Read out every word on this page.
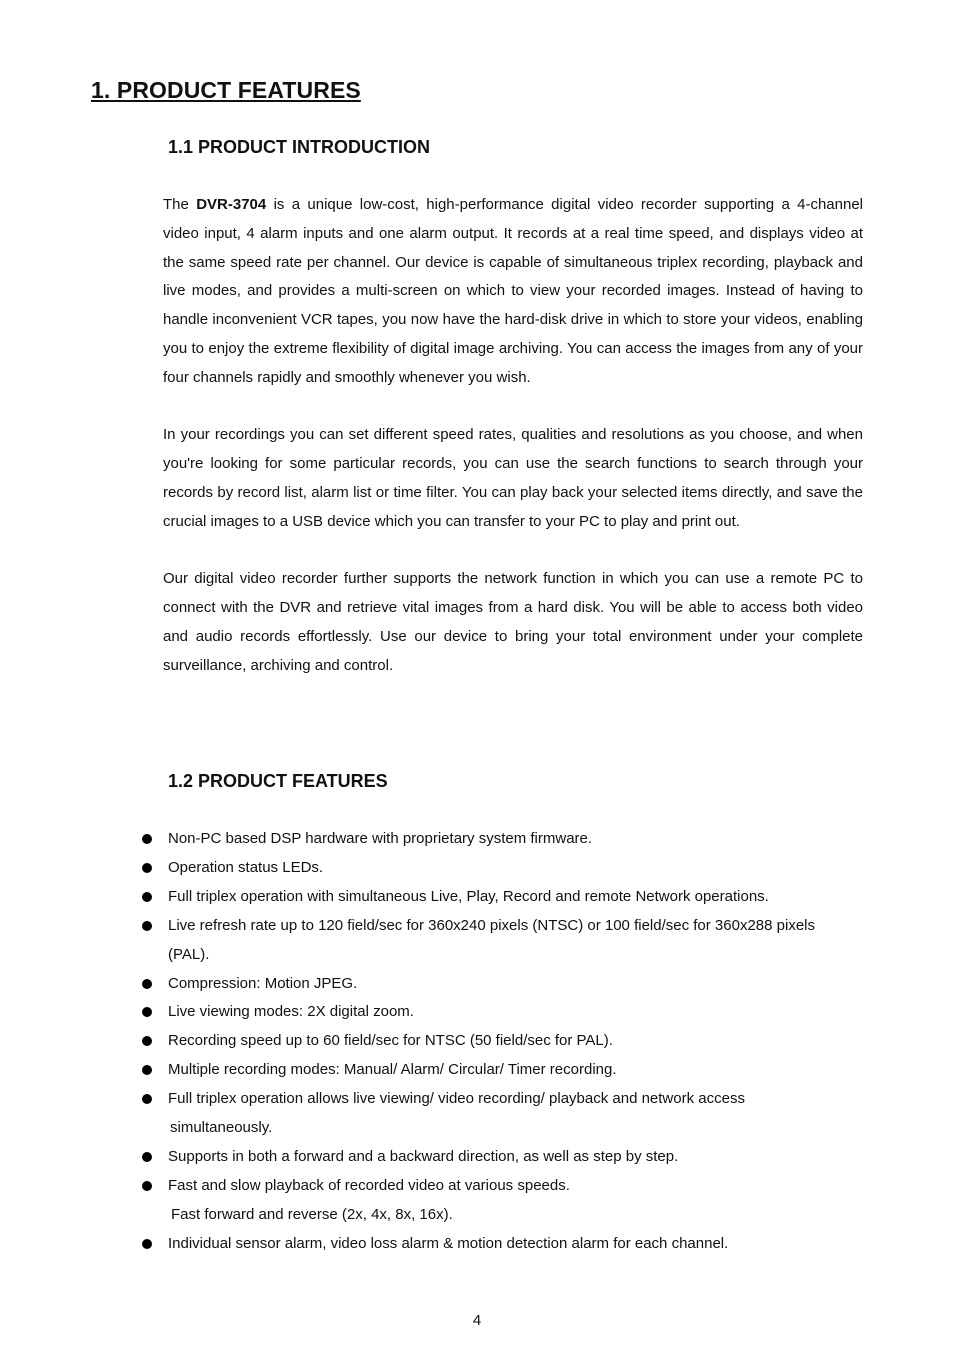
1. PRODUCT FEATURES
1.1 PRODUCT INTRODUCTION

The DVR-3704 is a unique low-cost, high-performance digital video recorder supporting a 4-channel video input, 4 alarm inputs and one alarm output. It records at a real time speed, and displays video at the same speed rate per channel. Our device is capable of simultaneous triplex recording, playback and live modes, and provides a multi-screen on which to view your recorded images. Instead of having to handle inconvenient VCR tapes, you now have the hard-disk drive in which to store your videos, enabling you to enjoy the extreme flexibility of digital image archiving. You can access the images from any of your four channels rapidly and smoothly whenever you wish.

In your recordings you can set different speed rates, qualities and resolutions as you choose, and when you're looking for some particular records, you can use the search functions to search through your records by record list, alarm list or time filter. You can play back your selected items directly, and save the crucial images to a USB device which you can transfer to your PC to play and print out.

Our digital video recorder further supports the network function in which you can use a remote PC to connect with the DVR and retrieve vital images from a hard disk. You will be able to access both video and audio records effortlessly. Use our device to bring your total environment under your complete surveillance, archiving and control.

1.2 PRODUCT FEATURES
Non-PC based DSP hardware with proprietary system firmware.
Operation status LEDs.
Full triplex operation with simultaneous Live, Play, Record and remote Network operations.
Live refresh rate up to 120 field/sec for 360x240 pixels (NTSC) or 100 field/sec for 360x288 pixels
(PAL).
Compression: Motion JPEG.
Live viewing modes: 2X digital zoom.
Recording speed up to 60 field/sec for NTSC (50 field/sec for PAL).
Multiple recording modes: Manual/ Alarm/ Circular/ Timer recording.
Full triplex operation allows live viewing/ video recording/ playback and network access
simultaneously.
Supports in both a forward and a backward direction, as well as step by step.
Fast and slow playback of recorded video at various speeds.
Fast forward and reverse (2x, 4x, 8x, 16x).
Individual sensor alarm, video loss alarm & motion detection alarm for each channel.
4
